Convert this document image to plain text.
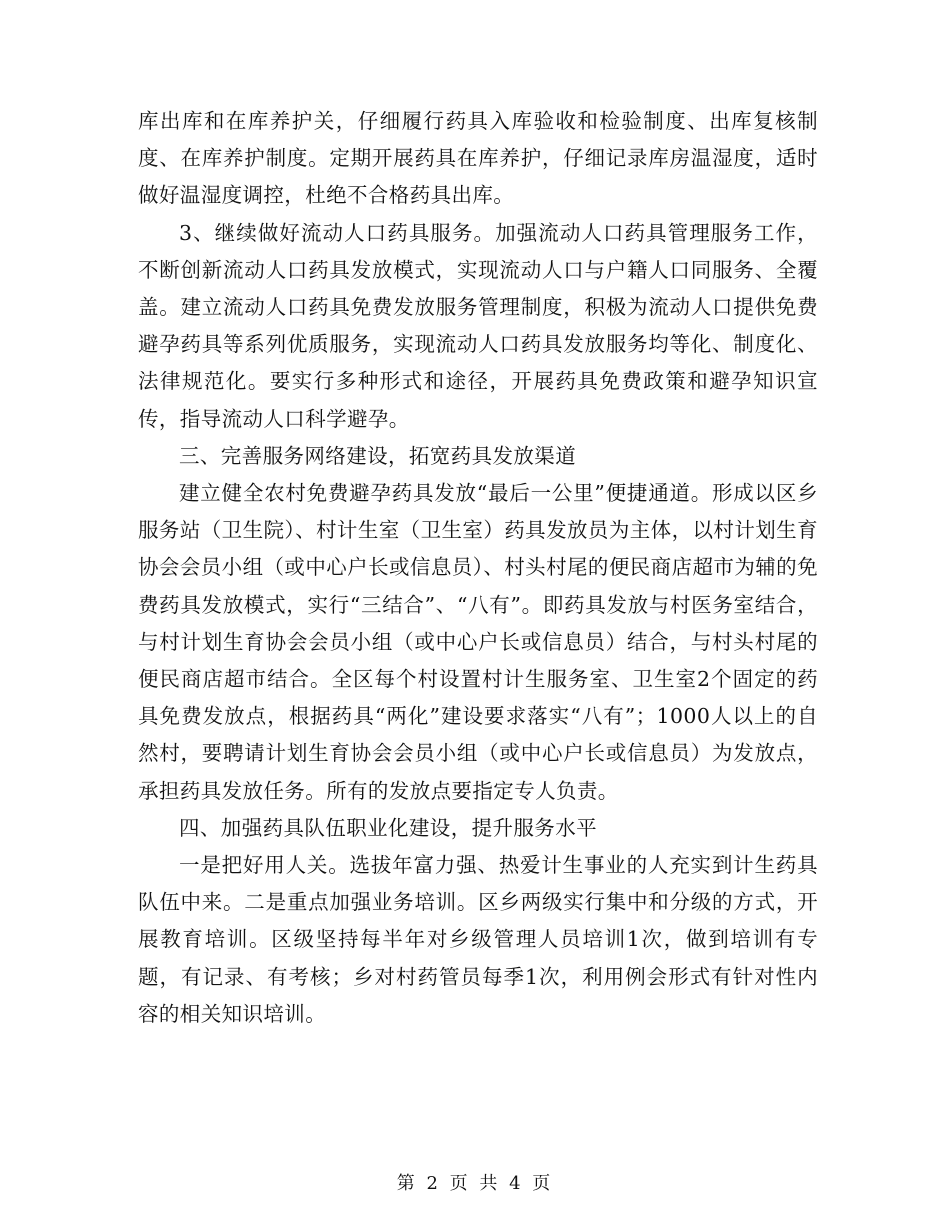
库出库和在库养护关，仔细履行药具入库验收和检验制度、出库复核制度、在库养护制度。定期开展药具在库养护，仔细记录库房温湿度，适时做好温湿度调控，杜绝不合格药具出库。

3、继续做好流动人口药具服务。加强流动人口药具管理服务工作，不断创新流动人口药具发放模式，实现流动人口与户籍人口同服务、全覆盖。建立流动人口药具免费发放服务管理制度，积极为流动人口提供免费避孕药具等系列优质服务，实现流动人口药具发放服务均等化、制度化、法律规范化。要实行多种形式和途径，开展药具免费政策和避孕知识宣传，指导流动人口科学避孕。

三、完善服务网络建设，拓宽药具发放渠道

建立健全农村免费避孕药具发放“最后一公里”便捷通道。形成以区乡服务站（卫生院）、村计生室（卫生室）药具发放员为主体，以村计划生育协会会员小组（或中心户长或信息员）、村头村尾的便民商店超市为辅的免费药具发放模式，实行“三结合”、“八有”。即药具发放与村医务室结合，与村计划生育协会会员小组（或中心户长或信息员）结合，与村头村尾的便民商店超市结合。全区每个村设置村计生服务室、卫生室2个固定的药具免费发放点，根据药具“两化”建设要求落实“八有”；1000人以上的自然村，要聘请计划生育协会会员小组（或中心户长或信息员）为发放点，承担药具发放任务。所有的发放点要指定专人负责。

四、加强药具队伍职业化建设，提升服务水平

一是把好用人关。选拔年富力强、热爱计生事业的人充实到计生药具队伍中来。二是重点加强业务培训。区乡两级实行集中和分级的方式，开展教育培训。区级坚持每半年对乡级管理人员培训1次，做到培训有专题，有记录、有考核；乡对村药管员每季1次，利用例会形式有针对性内容的相关知识培训。

第 2 页 共 4 页
